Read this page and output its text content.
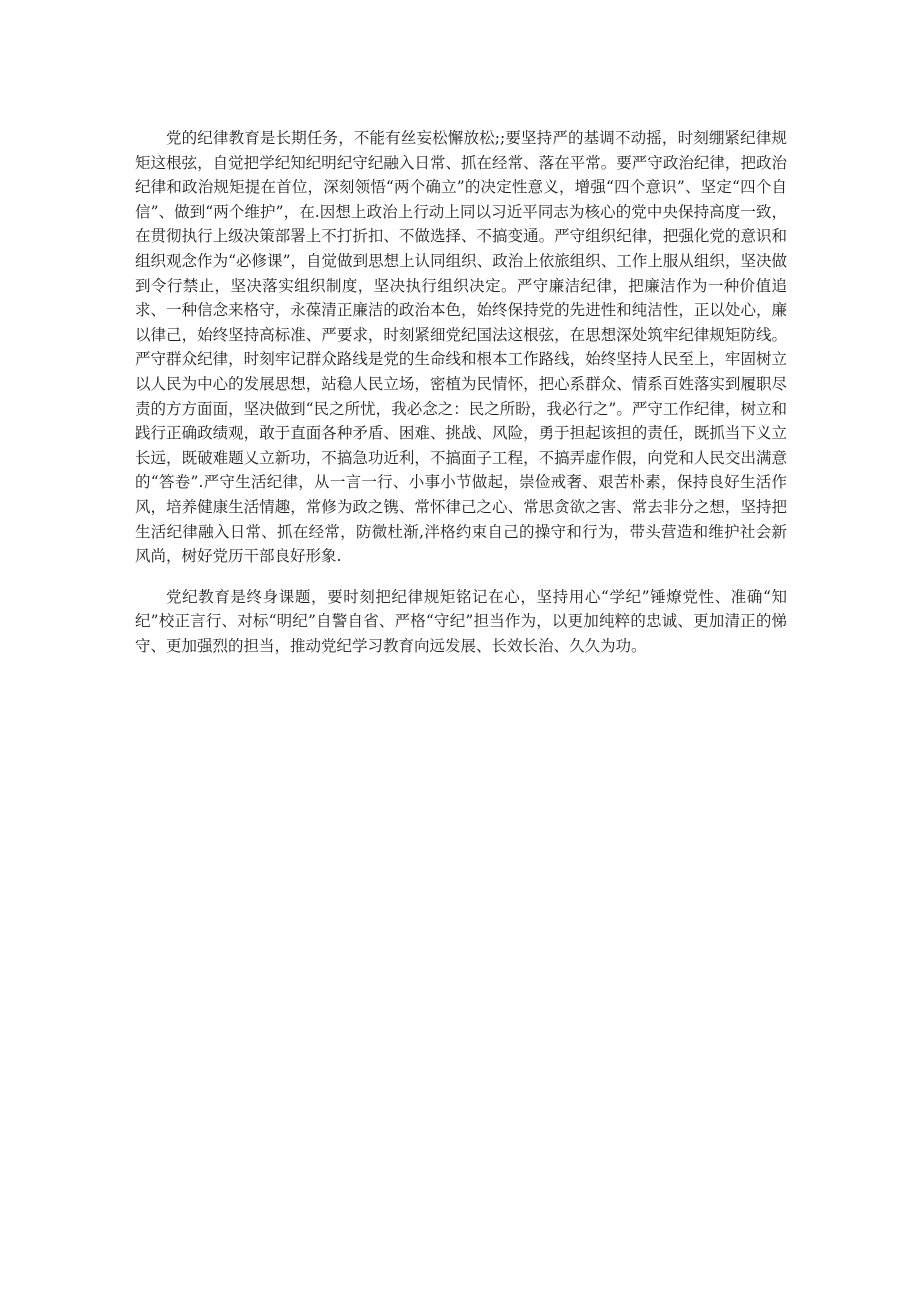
党的纪律教育是长期任务，不能有丝妄松懈放松;;要坚持严的基调不动摇，时刻绷紧纪律规矩这根弦，自觉把学纪知纪明纪守纪融入日常、抓在经常、落在平常。要严守政治纪律，把政治纪律和政治规矩提在首位，深刻领悟“两个确立”的决定性意义，增强“四个意识”、坚定“四个自信”、做到“两个维护”，在.因想上政治上行动上同以习近平同志为核心的党中央保持高度一致，在贯彻执行上级决策部署上不打折扣、不做选择、不搞变通。严守组织纪律，把强化党的意识和组织观念作为“必修课”，自觉做到思想上认同组织、政治上依旅组织、工作上服从组织，坚决做到令行禁止，坚决落实组织制度，坚决执行组织决定。严守廉洁纪律，把廉洁作为一种价值追求、一种信念来格守，永葆清正廉洁的政治本色，始终保持党的先进性和纯洁性，正以处心，廉以律己，始终坚持高标准、严要求，时刻紧细党纪国法这根弦，在思想深处筑牢纪律规矩防线。严守群众纪律，时刻牢记群众路线是党的生命线和根本工作路线，始终坚持人民至上，牢固树立以人民为中心的发展思想，站稳人民立场，密植为民情怀，把心系群众、情系百姓落实到履职尽责的方方面面，坚决做到“民之所忧，我必念之：民之所盼，我必行之”。严守工作纪律，树立和践行正确政绩观，敢于直面各种矛盾、困难、挑战、风险，勇于担起该担的责任，既抓当下义立长远，既破难题乂立新功，不搞急功近利，不搞面子工程，不搞弄虚作假，向党和人民交出满意的“答卷”.严守生活纪律，从一言一行、小事小节做起，崇俭戒奢、艰苦朴素，保持良好生活作风，培养健康生活情趣，常修为政之镌、常怀律己之心、常思贪欲之害、常去非分之想，坚持把生活纪律融入日常、抓在经常，防微杜渐,泮格约束自己的操守和行为，带头营造和维护社会新风尚，树好党历干部良好形象.

党纪教育是终身课题，要时刻把纪律规矩铭记在心，坚持用心“学纪”锤燎党性、准确“知纪”校正言行、对标“明纪”自警自省、严格“守纪”担当作为，以更加纯粹的忠诚、更加清正的悌守、更加强烈的担当，推动党纪学习教育向远发展、长效长治、久久为功。
